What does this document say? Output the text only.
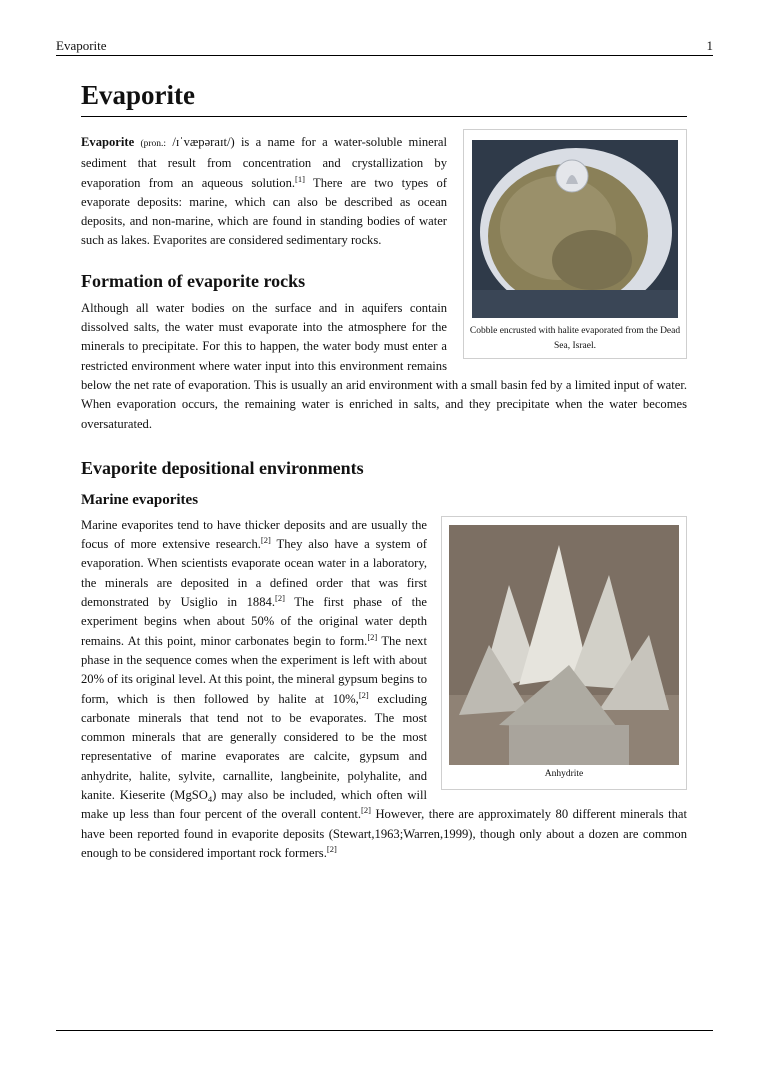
Evaporite	1
Evaporite
Cobble encrusted with halite evaporated from the Dead Sea, Israel.

Evaporite (pron.: /ɪˈvæpəraɪt/) is a name for a water-soluble mineral sediment that result from concentration and crystallization by evaporation from an aqueous solution.[1] There are two types of evaporate deposits: marine, which can also be described as ocean deposits, and non-marine, which are found in standing bodies of water such as lakes. Evaporites are considered sedimentary rocks.

Formation of evaporite rocks

Although all water bodies on the surface and in aquifers contain dissolved salts, the water must evaporate into the atmosphere for the minerals to precipitate. For this to happen, the water body must enter a restricted environment where water input into this environment remains below the net rate of evaporation. This is usually an arid environment with a small basin fed by a limited input of water. When evaporation occurs, the remaining water is enriched in salts, and they precipitate when the water becomes oversaturated.

Evaporite depositional environments
Marine evaporites
Anhydrite

Marine evaporites tend to have thicker deposits and are usually the focus of more extensive research.[2] They also have a system of evaporation. When scientists evaporate ocean water in a laboratory, the minerals are deposited in a defined order that was first demonstrated by Usiglio in 1884.[2] The first phase of the experiment begins when about 50% of the original water depth remains. At this point, minor carbonates begin to form.[2] The next phase in the sequence comes when the experiment is left with about 20% of its original level. At this point, the mineral gypsum begins to form, which is then followed by halite at 10%,[2] excluding carbonate minerals that tend not to be evaporates. The most common minerals that are generally considered to be the most representative of marine evaporates are calcite, gypsum and anhydrite, halite, sylvite, carnallite, langbeinite, polyhalite, and kanite. Kieserite (MgSO$_4$) may also be included, which often will make up less than four percent of the overall content.[2] However, there are approximately 80 different minerals that have been reported found in evaporite deposits (Stewart,1963;Warren,1999), though only about a dozen are common enough to be considered important rock formers.[2]
